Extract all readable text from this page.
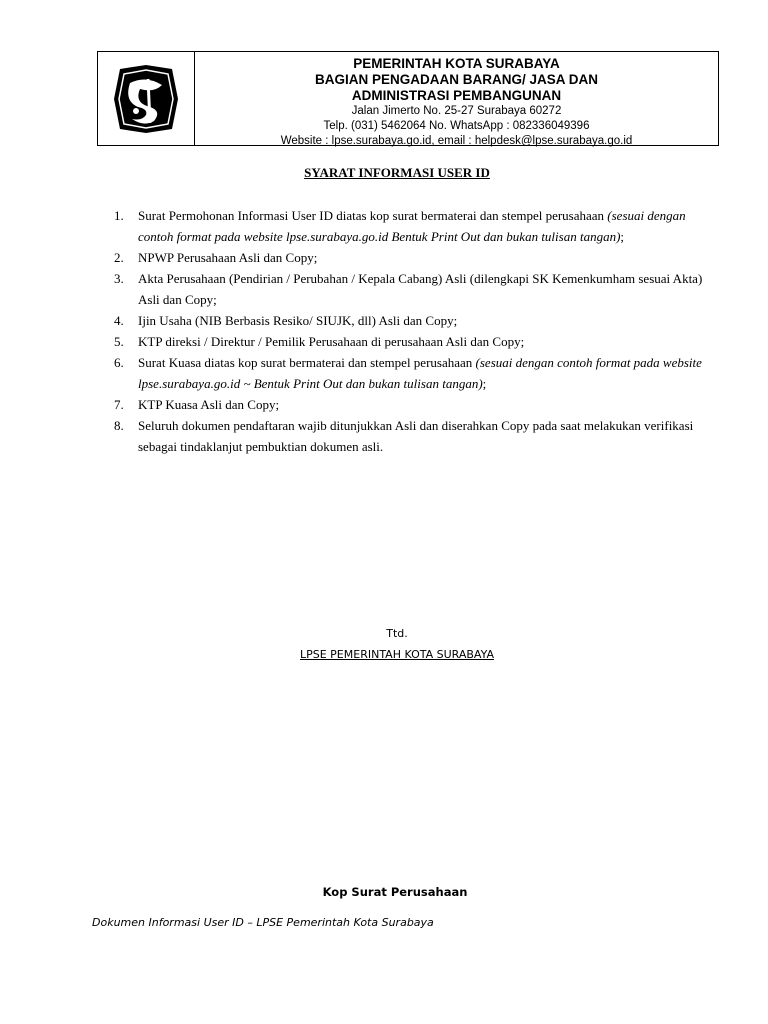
PEMERINTAH KOTA SURABAYA
BAGIAN PENGADAAN BARANG/ JASA DAN
ADMINISTRASI PEMBANGUNAN
Jalan Jimerto No. 25-27 Surabaya 60272
Telp. (031) 5462064 No. WhatsApp : 082336049396
Website : lpse.surabaya.go.id, email : helpdesk@lpse.surabaya.go.id
SYARAT INFORMASI USER ID
1.	Surat Permohonan Informasi User ID diatas kop surat bermaterai dan stempel perusahaan (sesuai dengan contoh format pada website lpse.surabaya.go.id Bentuk Print Out dan bukan tulisan tangan);
2.	NPWP Perusahaan Asli dan Copy;
3.	Akta Perusahaan (Pendirian / Perubahan / Kepala Cabang) Asli (dilengkapi SK Kemenkumham sesuai Akta) Asli dan Copy;
4.	Ijin Usaha (NIB Berbasis Resiko/ SIUJK, dll) Asli dan Copy;
5.	KTP direksi / Direktur / Pemilik Perusahaan di perusahaan Asli dan Copy;
6.	Surat Kuasa diatas kop surat bermaterai dan stempel perusahaan (sesuai dengan contoh format pada website lpse.surabaya.go.id ~ Bentuk Print Out dan bukan tulisan tangan);
7.	KTP Kuasa Asli dan Copy;
8.	Seluruh dokumen pendaftaran wajib ditunjukkan Asli dan diserahkan Copy pada saat melakukan verifikasi sebagai tindaklanjut pembuktian dokumen asli.
Ttd.
LPSE PEMERINTAH KOTA SURABAYA
Kop Surat Perusahaan
Dokumen Informasi User ID – LPSE Pemerintah Kota Surabaya
